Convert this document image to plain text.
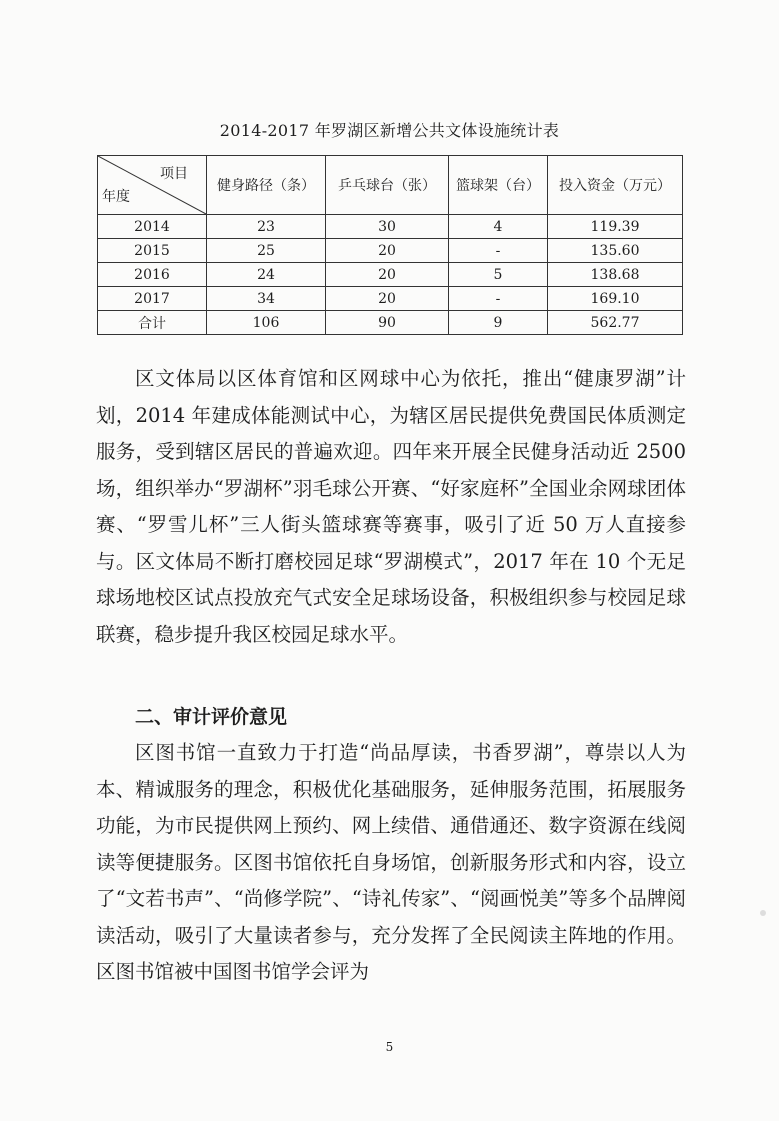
2014-2017 年罗湖区新增公共文体设施统计表
项目
年度	健身路径（条）	乒乓球台（张）	篮球架（台）	投入资金（万元）
2014	23	30	4	119.39
2015	25	20	-	135.60
2016	24	20	5	138.68
2017	34	20	-	169.10
合计	106	90	9	562.77

区文体局以区体育馆和区网球中心为依托，推出“健康罗湖”计划，2014 年建成体能测试中心，为辖区居民提供免费国民体质测定服务，受到辖区居民的普遍欢迎。四年来开展全民健身活动近 2500 场，组织举办“罗湖杯”羽毛球公开赛、“好家庭杯”全国业余网球团体赛、“罗雪儿杯”三人街头篮球赛等赛事，吸引了近 50 万人直接参与。区文体局不断打磨校园足球“罗湖模式”，2017 年在 10 个无足球场地校区试点投放充气式安全足球场设备，积极组织参与校园足球联赛，稳步提升我区校园足球水平。

二、审计评价意见

区图书馆一直致力于打造“尚品厚读，书香罗湖”，尊崇以人为本、精诚服务的理念，积极优化基础服务，延伸服务范围，拓展服务功能，为市民提供网上预约、网上续借、通借通还、数字资源在线阅读等便捷服务。区图书馆依托自身场馆，创新服务形式和内容，设立了“文若书声”、“尚修学院”、“诗礼传家”、“阅画悦美”等多个品牌阅读活动，吸引了大量读者参与，充分发挥了全民阅读主阵地的作用。区图书馆被中国图书馆学会评为

5
